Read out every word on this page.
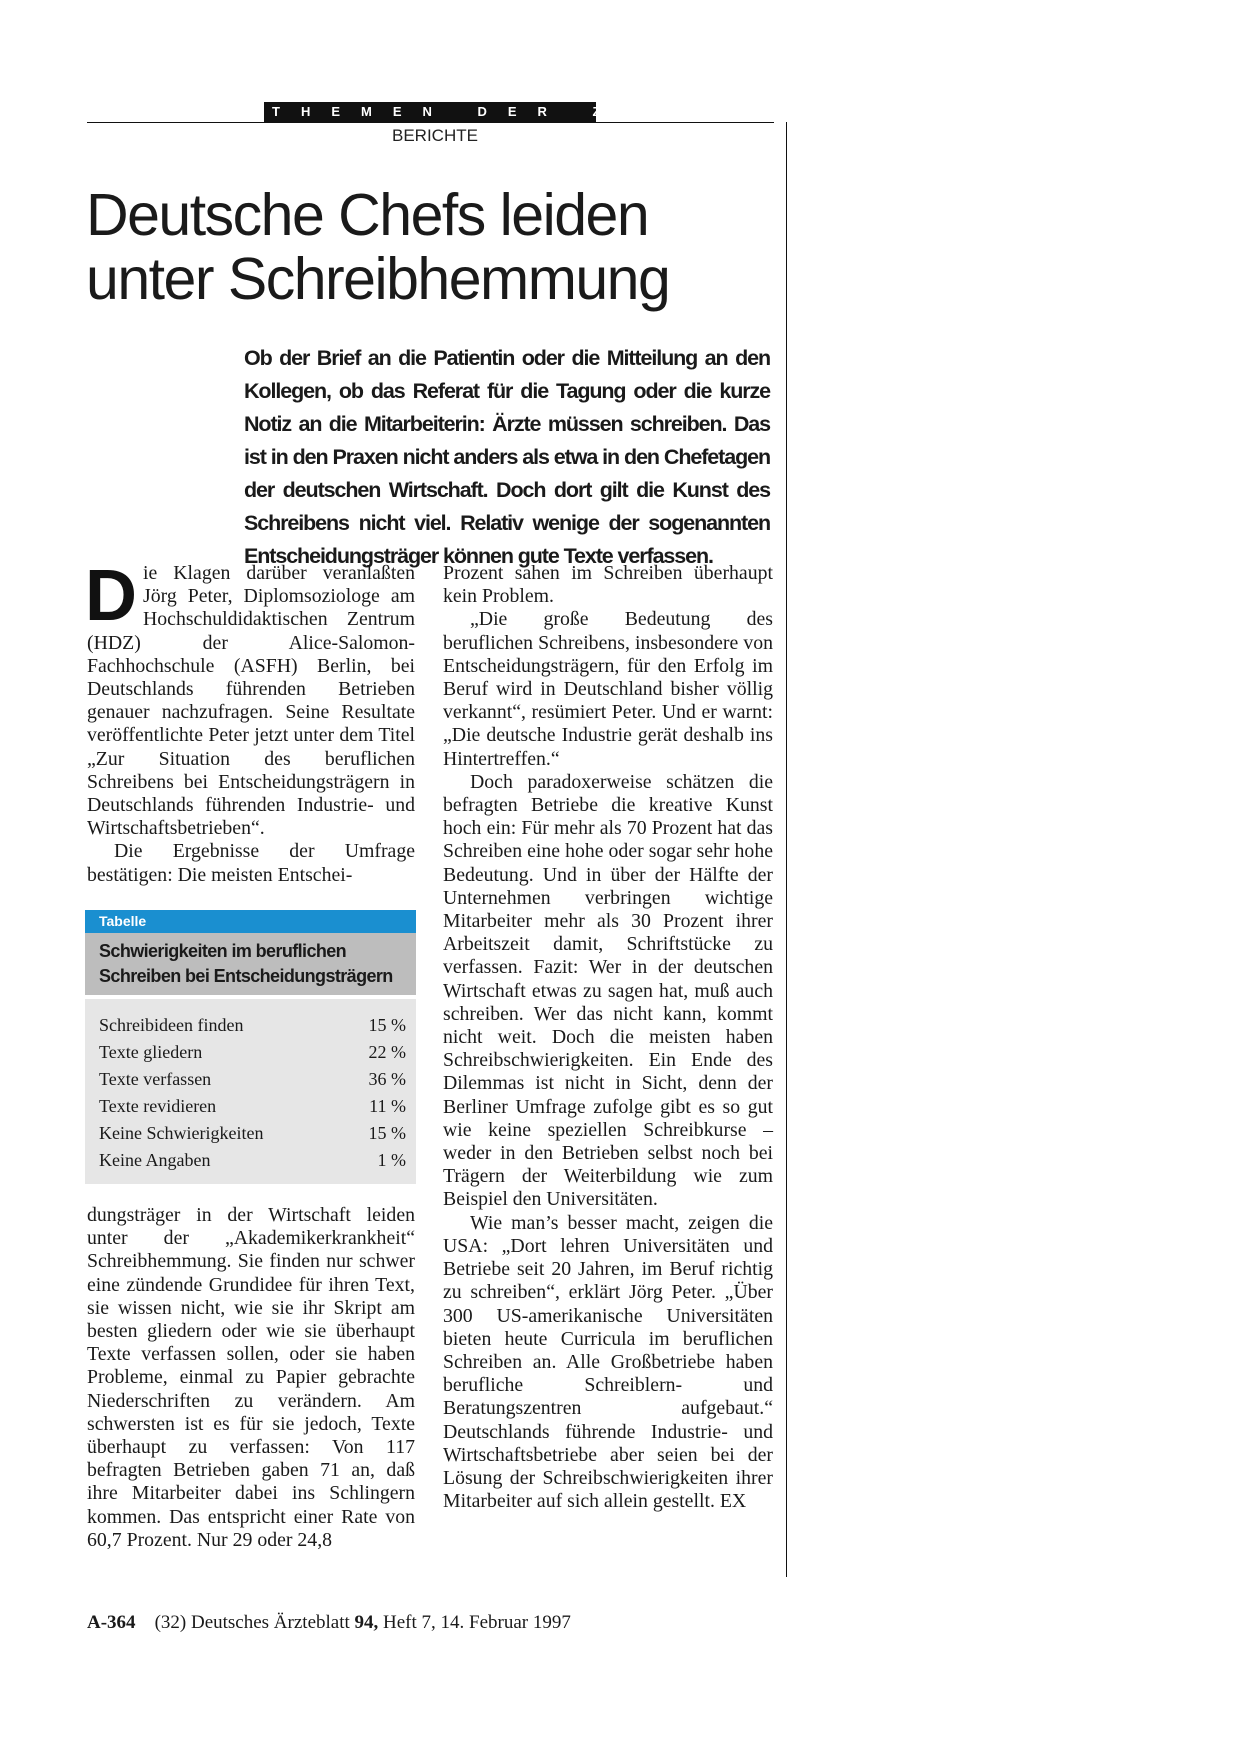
THEMEN DER ZEIT
BERICHTE
Deutsche Chefs leiden unter Schreibhemmung

Ob der Brief an die Patientin oder die Mitteilung an den Kollegen, ob das Referat für die Tagung oder die kurze Notiz an die Mitarbeiterin: Ärzte müssen schreiben. Das ist in den Praxen nicht anders als etwa in den Chefetagen der deutschen Wirtschaft. Doch dort gilt die Kunst des Schreibens nicht viel. Relativ wenige der sogenannten Entscheidungsträger können gute Texte verfassen.

Die Klagen darüber veranlaßten Jörg Peter, Diplomsoziologe am Hochschuldidaktischen Zentrum (HDZ) der Alice-Salomon-Fachhochschule (ASFH) Berlin, bei Deutschlands führenden Betrieben genauer nachzufragen. Seine Resultate veröffentlichte Peter jetzt unter dem Titel „Zur Situation des beruflichen Schreibens bei Entscheidungsträgern in Deutschlands führenden Industrie- und Wirtschaftsbetrieben“.

Die Ergebnisse der Umfrage bestätigen: Die meisten Entschei-

Tabelle
Schwierigkeiten im beruflichen Schreiben bei Entscheidungsträgern
Schreibideen finden	15 %
Texte gliedern	22 %
Texte verfassen	36 %
Texte revidieren	11 %
Keine Schwierigkeiten	15 %
Keine Angaben	1 %

dungsträger in der Wirtschaft leiden unter der „Akademikerkrankheit“ Schreibhemmung. Sie finden nur schwer eine zündende Grundidee für ihren Text, sie wissen nicht, wie sie ihr Skript am besten gliedern oder wie sie überhaupt Texte verfassen sollen, oder sie haben Probleme, einmal zu Papier gebrachte Niederschriften zu verändern. Am schwersten ist es für sie jedoch, Texte überhaupt zu verfassen: Von 117 befragten Betrieben gaben 71 an, daß ihre Mitarbeiter dabei ins Schlingern kommen. Das entspricht einer Rate von 60,7 Prozent. Nur 29 oder 24,8

Prozent sahen im Schreiben überhaupt kein Problem.

„Die große Bedeutung des beruflichen Schreibens, insbesondere von Entscheidungsträgern, für den Erfolg im Beruf wird in Deutschland bisher völlig verkannt“, resümiert Peter. Und er warnt: „Die deutsche Industrie gerät deshalb ins Hintertreffen.“

Doch paradoxerweise schätzen die befragten Betriebe die kreative Kunst hoch ein: Für mehr als 70 Prozent hat das Schreiben eine hohe oder sogar sehr hohe Bedeutung. Und in über der Hälfte der Unternehmen verbringen wichtige Mitarbeiter mehr als 30 Prozent ihrer Arbeitszeit damit, Schriftstücke zu verfassen. Fazit: Wer in der deutschen Wirtschaft etwas zu sagen hat, muß auch schreiben. Wer das nicht kann, kommt nicht weit. Doch die meisten haben Schreibschwierigkeiten. Ein Ende des Dilemmas ist nicht in Sicht, denn der Berliner Umfrage zufolge gibt es so gut wie keine speziellen Schreibkurse – weder in den Betrieben selbst noch bei Trägern der Weiterbildung wie zum Beispiel den Universitäten.

Wie man’s besser macht, zeigen die USA: „Dort lehren Universitäten und Betriebe seit 20 Jahren, im Beruf richtig zu schreiben“, erklärt Jörg Peter. „Über 300 US-amerikanische Universitäten bieten heute Curricula im beruflichen Schreiben an. Alle Großbetriebe haben berufliche Schreiblern- und Beratungszentren aufgebaut.“ Deutschlands führende Industrie- und Wirtschaftsbetriebe aber seien bei der Lösung der Schreibschwierigkeiten ihrer Mitarbeiter auf sich allein gestellt. EX

A-364 (32) Deutsches Ärzteblatt 94, Heft 7, 14. Februar 1997
